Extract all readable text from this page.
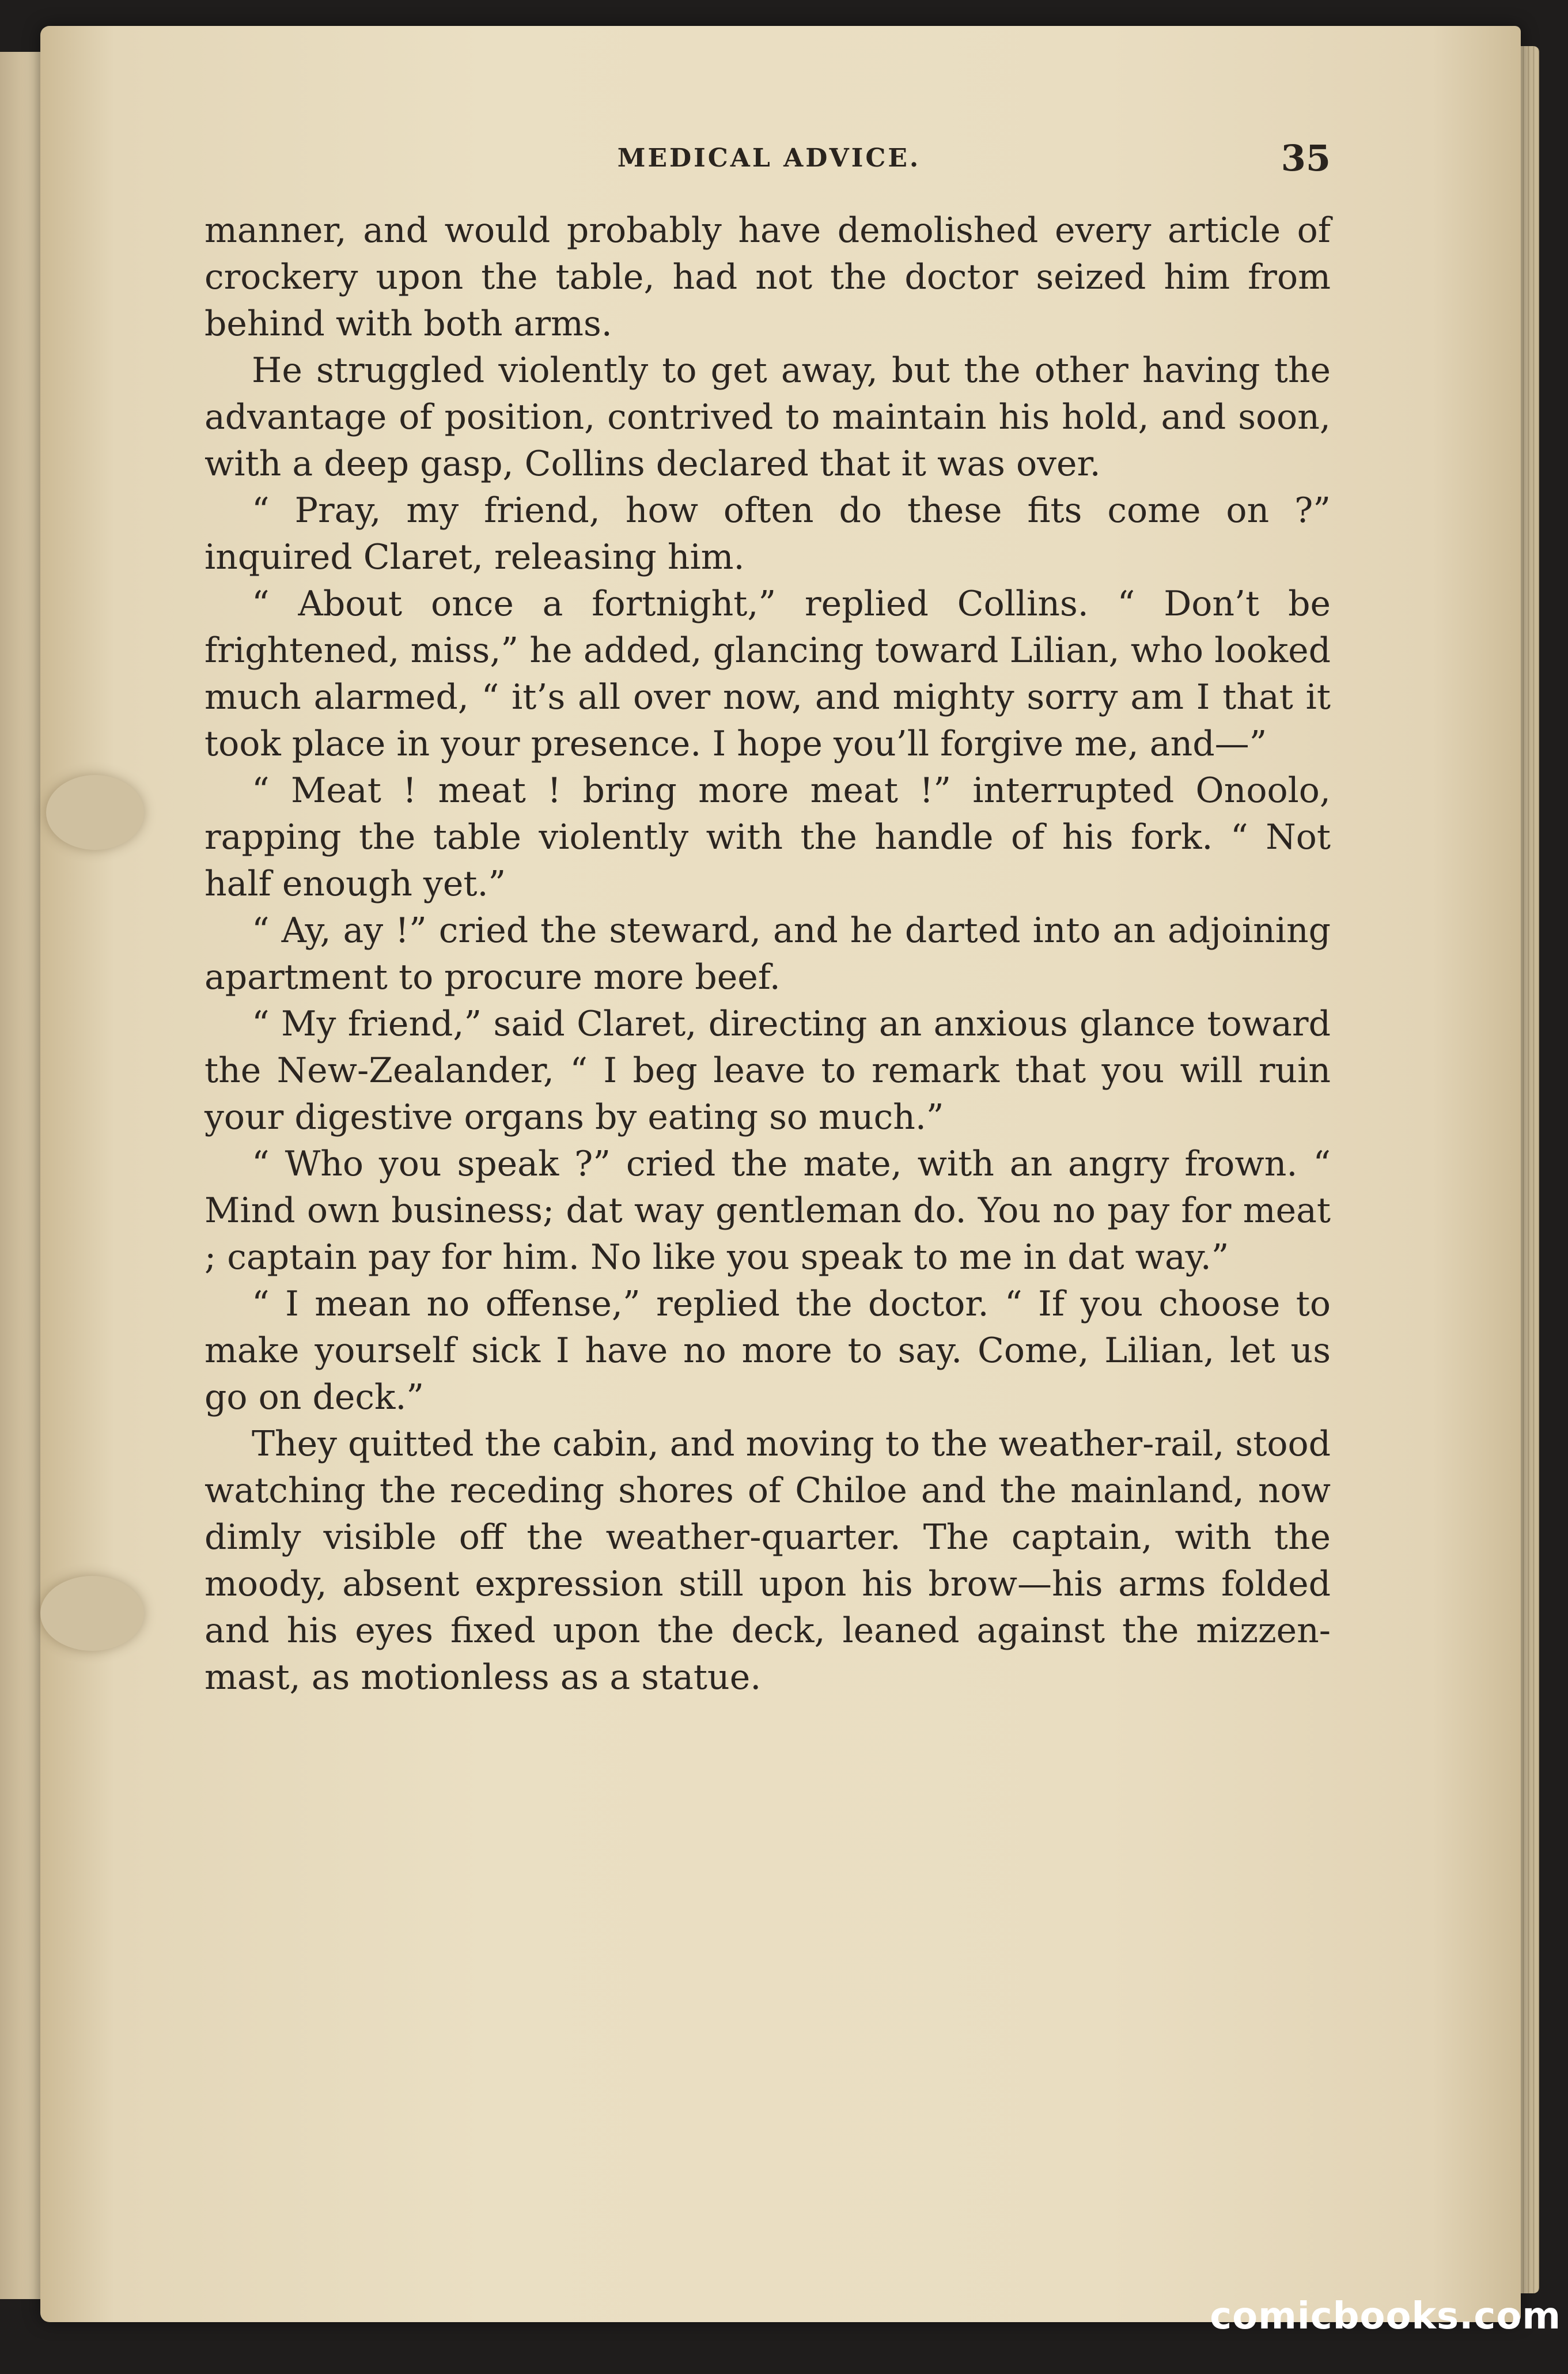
MEDICAL ADVICE.	35

manner, and would probably have demolished every article of crockery upon the table, had not the doctor seized him from behind with both arms.

He struggled violently to get away, but the other having the advantage of position, contrived to maintain his hold, and soon, with a deep gasp, Collins declared that it was over.

“ Pray, my friend, how often do these fits come on ?” inquired Claret, releasing him.

“ About once a fortnight,” replied Collins. “ Don’t be frightened, miss,” he added, glancing toward Lilian, who looked much alarmed, “ it’s all over now, and mighty sorry am I that it took place in your presence. I hope you’ll forgive me, and—”

“ Meat ! meat ! bring more meat !” interrupted Onoolo, rapping the table violently with the handle of his fork. “ Not half enough yet.”

“ Ay, ay !” cried the steward, and he darted into an adjoining apartment to procure more beef.

“ My friend,” said Claret, directing an anxious glance toward the New-Zealander, “ I beg leave to remark that you will ruin your digestive organs by eating so much.”

“ Who you speak ?” cried the mate, with an angry frown. “ Mind own business; dat way gentleman do. You no pay for meat ; captain pay for him. No like you speak to me in dat way.”

“ I mean no offense,” replied the doctor. “ If you choose to make yourself sick I have no more to say. Come, Lilian, let us go on deck.”

They quitted the cabin, and moving to the weather-rail, stood watching the receding shores of Chiloe and the mainland, now dimly visible off the weather-quarter. The captain, with the moody, absent expression still upon his brow—his arms folded and his eyes fixed upon the deck, leaned against the mizzen-mast, as motionless as a statue.

comicbooks.com
